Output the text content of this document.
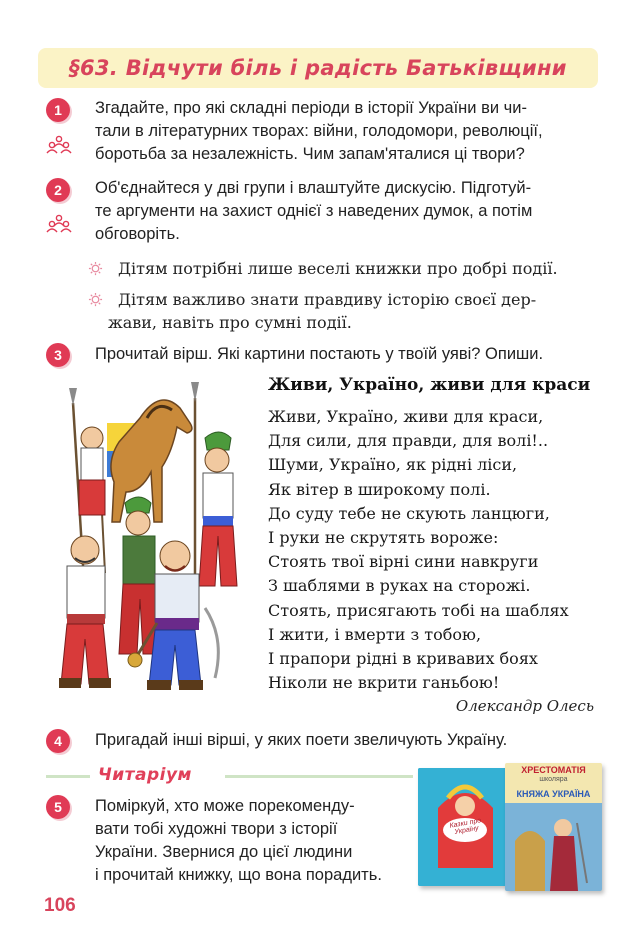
§63. Відчути біль і радість Батьківщини
1	Згадайте, про які складні періоди в історії України ви чи-
тали в літературних творах: війни, голодомори, революції,
боротьба за незалежність. Чим запам'яталися ці твори?
2	Об'єднайтеся у дві групи і влаштуйте дискусію. Підготуй-
те аргументи на захист однієї з наведених думок, а потім
обговоріть.
Дітям потрібні лише веселі книжки про добрі події.
Дітям важливо знати правдиву історію своєї дер-
жави, навіть про сумні події.
3	Прочитай вірш. Які картини постають у твоїй уяві? Опиши.
Живи, Україно, живи для краси
Живи, Україно, живи для краси,
Для сили, для правди, для волі!..
Шуми, Україно, як рідні ліси,
Як вітер в широкому полі.
До суду тебе не скують ланцюги,
І руки не скрутять вороже:
Стоять твої вірні сини навкруги
З шаблями в руках на сторожі.
Стоять, присягають тобі на шаблях
І жити, і вмерти з тобою,
І прапори рідні в кривавих боях
Ніколи не вкрити ганьбою!
Олександр Олесь
4	Пригадай інші вірші, у яких поети звеличують Україну.
Читаріум
5	Поміркуй, хто може порекоменду-
вати тобі художні твори з історії
України. Звернися до цієї людини
і прочитай книжку, що вона порадить.
Казки про Україну
ХРЕСТОМАТІЯ
школяра
КНЯЖА УКРАЇНА
106
